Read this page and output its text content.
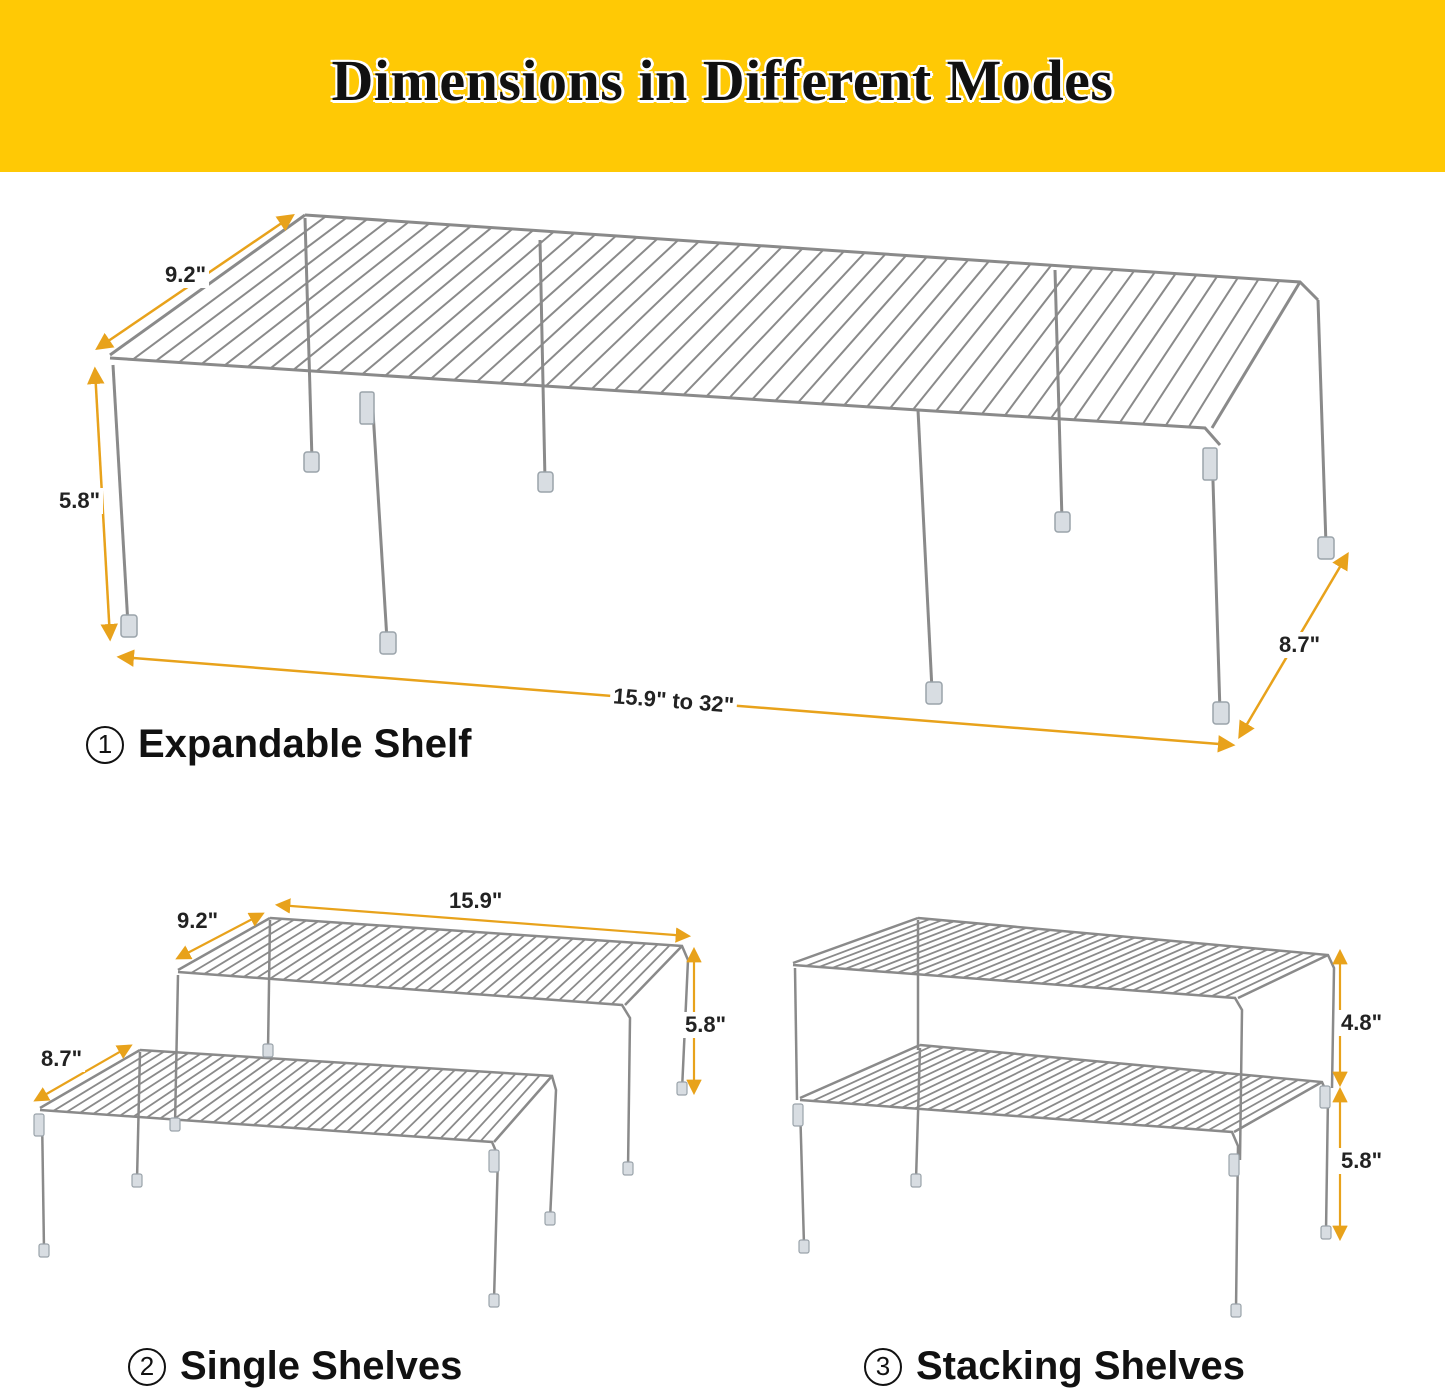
Dimensions in Different Modes
9.2"
5.8"
15.9" to 32"
8.7"
1 Expandable Shelf
9.2"
15.9"
5.8"
8.7"
2 Single Shelves
4.8"
5.8"
3 Stacking Shelves
